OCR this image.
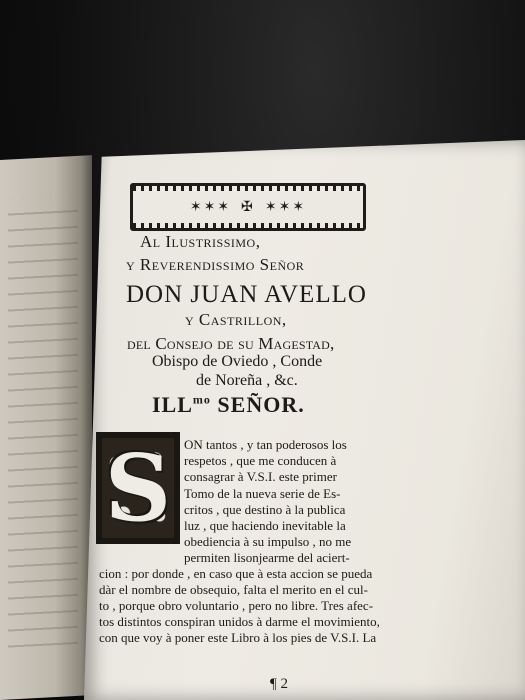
✶✶✶ ✠ ✶✶✶
Al Ilustrissimo,
y Reverendissimo Señor
DON JUAN AVELLO
y Castrillon,
del Consejo de su Magestad,
Obispo de Oviedo , Conde
de Noreña , &c.
$ILL^{mo}$ SEÑOR.
S ON tantos , y tan poderosos los
respetos , que me conducen à
consagrar à V.S.I. este primer
Tomo de la nueva serie de Es-
critos , que destino à la publica
luz , que haciendo inevitable la
obediencia à su impulso , no me
permiten lisonjearme del aciert-
cion : por donde , en caso que à esta accion se pueda
dàr el nombre de obsequio, falta el merito en el cul-
to , porque obro voluntario , pero no libre. Tres afec-
tos distintos conspiran unidos à darme el movimiento,
con que voy à poner este Libro à los pies de V.S.I. La
¶ 2
